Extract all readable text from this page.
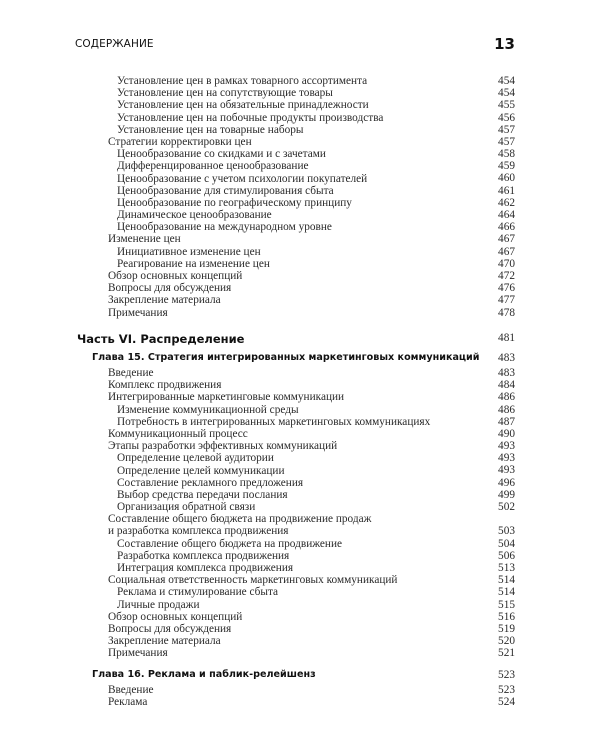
СОДЕРЖАНИЕ	13
Установление цен в рамках товарного ассортимента	454
Установление цен на сопутствующие товары	454
Установление цен на обязательные принадлежности	455
Установление цен на побочные продукты производства	456
Установление цен на товарные наборы	457
Стратегии корректировки цен	457
Ценообразование со скидками и с зачетами	458
Дифференцированное ценообразование	459
Ценообразование с учетом психологии покупателей	460
Ценообразование для стимулирования сбыта	461
Ценообразование по географическому принципу	462
Динамическое ценообразование	464
Ценообразование на международном уровне	466
Изменение цен	467
Инициативное изменение цен	467
Реагирование на изменение цен	470
Обзор основных концепций	472
Вопросы для обсуждения	476
Закрепление материала	477
Примечания	478
Часть VI. Распределение	481
Глава 15. Стратегия интегрированных маркетинговых коммуникаций 483
Введение	483
Комплекс продвижения	484
Интегрированные маркетинговые коммуникации	486
Изменение коммуникационной среды	486
Потребность в интегрированных маркетинговых коммуникациях	487
Коммуникационный процесс	490
Этапы разработки эффективных коммуникаций	493
Определение целевой аудитории	493
Определение целей коммуникации	493
Составление рекламного предложения	496
Выбор средства передачи послания	499
Организация обратной связи	502
Составление общего бюджета на продвижение продаж
и разработка комплекса продвижения	503
Составление общего бюджета на продвижение	504
Разработка комплекса продвижения	506
Интеграция комплекса продвижения	513
Социальная ответственность маркетинговых коммуникаций	514
Реклама и стимулирование сбыта	514
Личные продажи	515
Обзор основных концепций	516
Вопросы для обсуждения	519
Закрепление материала	520
Примечания	521
Глава 16. Реклама и паблик-релейшенз	523
Введение	523
Реклама	524
